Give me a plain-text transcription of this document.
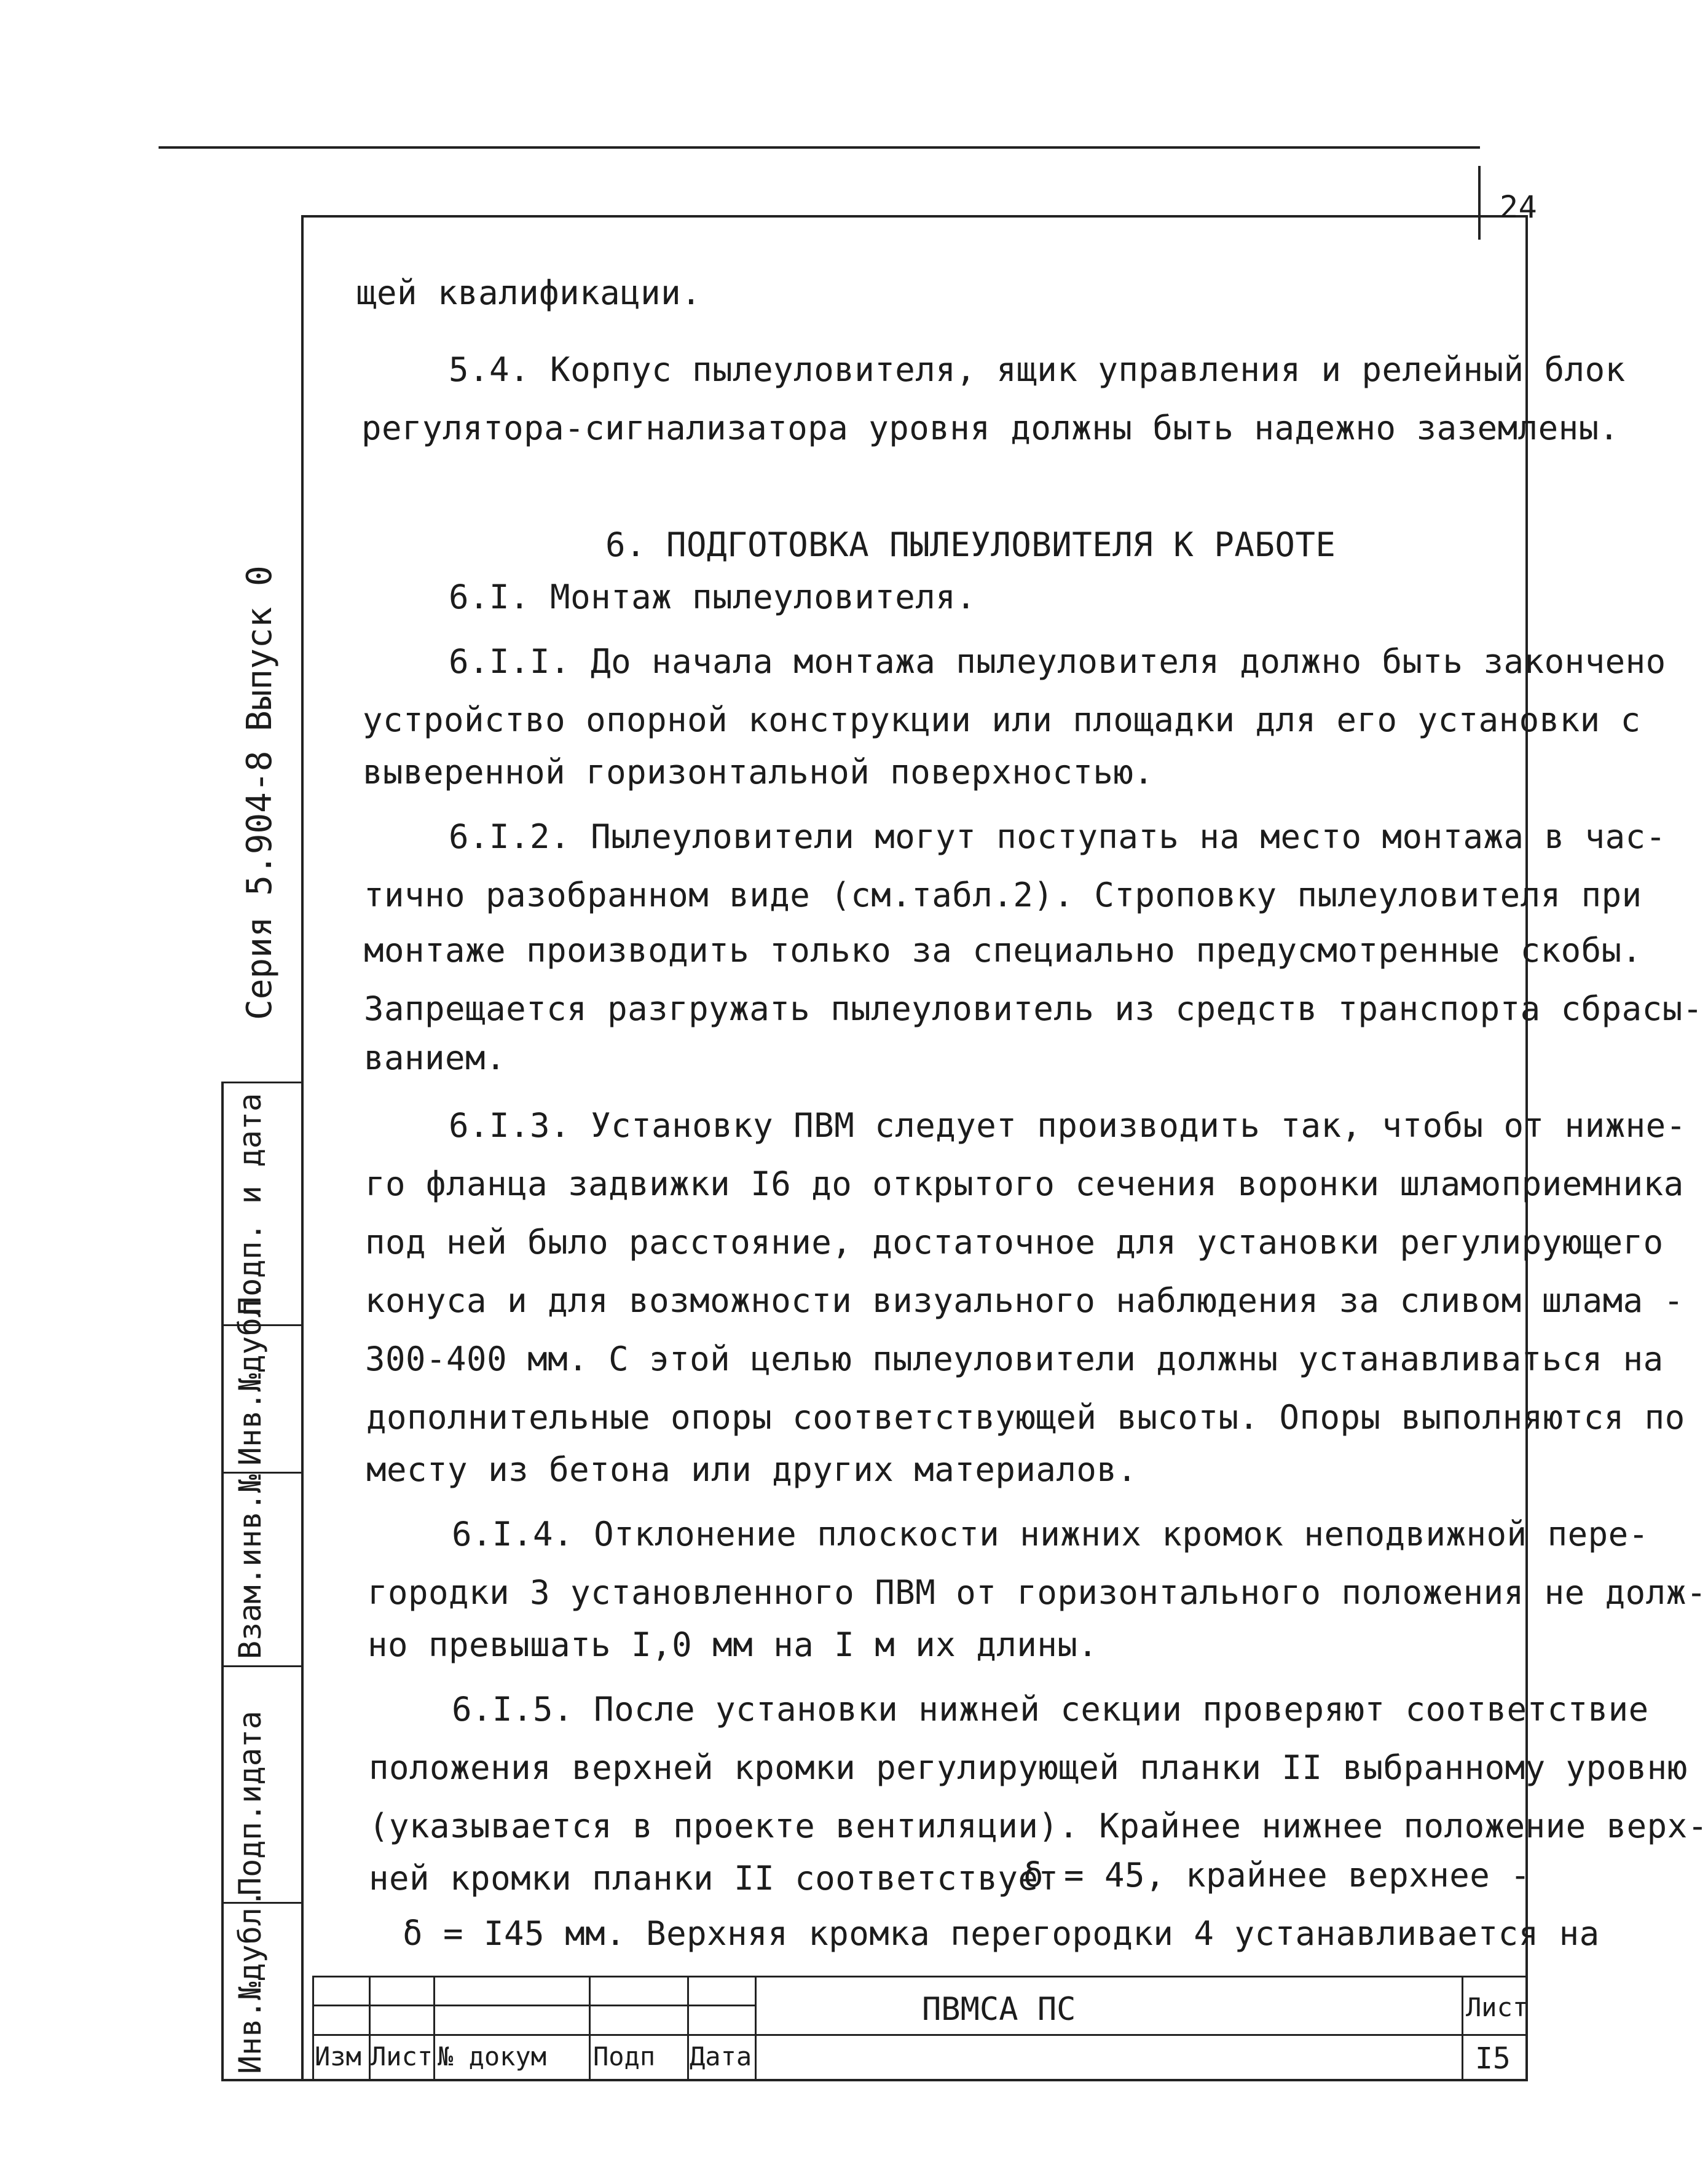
24
Серия 5.904-8
Выпуск 0
Подп. и дата
Инв.№дубл.
Взам.инв.№
Подп.идата
Инв.№дубл.
щей квалификации.
5.4. Корпус пылеуловителя, ящик управления и релейный блок
регулятора-сигнализатора уровня должны быть надежно заземлены.
6. ПОДГОТОВКА ПЫЛЕУЛОВИТЕЛЯ К РАБОТЕ
6.I. Монтаж пылеуловителя.
6.I.I. До начала монтажа пылеуловителя должно быть закончено
устройство опорной конструкции или площадки для его установки с
выверенной горизонтальной поверхностью.
6.I.2. Пылеуловители могут поступать на место монтажа в час-
тично разобранном виде (см.табл.2). Строповку пылеуловителя при
монтаже производить только за специально предусмотренные скобы.
Запрещается разгружать пылеуловитель из средств транспорта сбрасы-
ванием.
6.I.3. Установку ПВМ следует производить так, чтобы от нижне-
го фланца задвижки I6 до открытого сечения воронки шламоприемника
под ней было расстояние, достаточное для установки регулирующего
конуса и для возможности визуального наблюдения за сливом шлама -
300-400 мм. С этой целью пылеуловители должны устанавливаться на
дополнительные опоры соответствующей высоты. Опоры выполняются по
месту из бетона или других материалов.
6.I.4. Отклонение плоскости нижних кромок неподвижной пере-
городки 3 установленного ПВМ от горизонтального положения не долж-
но превышать I,0 мм на I м их длины.
6.I.5. После установки нижней секции проверяют соответствие
положения верхней кромки регулирующей планки II выбранному уровню
(указывается в проекте вентиляции). Крайнее нижнее положение верх-
ней кромки планки II соответствует
δ = 45, крайнее верхнее -
δ = I45 мм. Верхняя кромка перегородки 4 устанавливается на
ПВМСА ПС	Лист
I5
Изм Лист № докум Подп Дата
